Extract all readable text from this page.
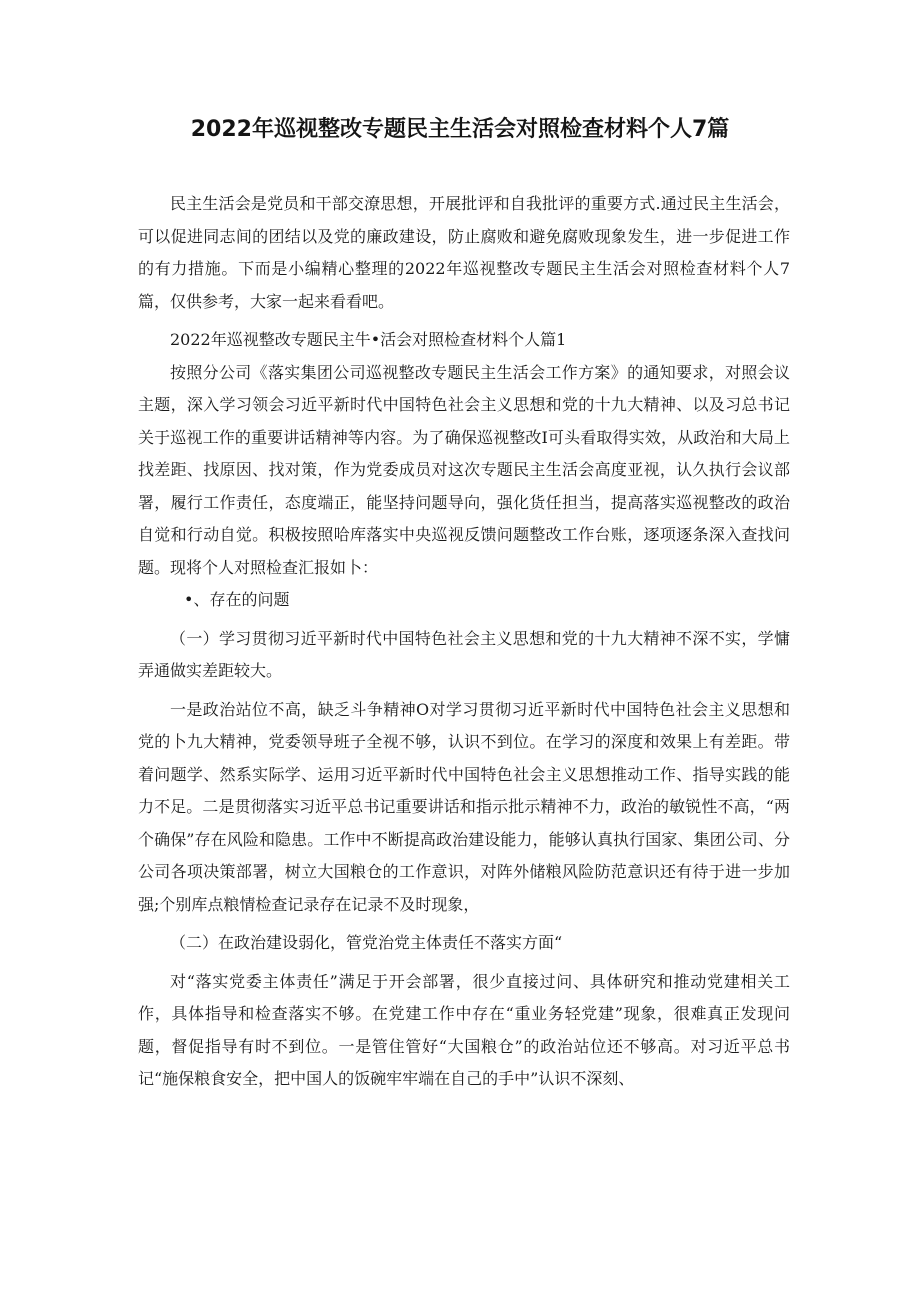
2022年巡视整改专题民主生活会对照检查材料个人7篇

民主生活会是党员和干部交潦思想，开展批评和自我批评的重要方式.通过民主生活会，可以促进同志间的团结以及党的廉政建设，防止腐败和避免腐败现象发生，进一步促进工作的有力措施。下而是小编精心整理的2022年巡视整改专题民主生活会对照检查材料个人7篇，仅供参考，大家一起来看看吧。

2022年巡视整改专题民主牛•活会对照检查材料个人篇1

按照分公司《落实集团公司巡视整改专题民主生活会工作方案》的通知要求，对照会议主题，深入学习领会习近平新时代中国特色社会主义思想和党的十九大精神、以及习总书记关于巡视工作的重要讲话精神等内容。为了确保巡视整改I可头看取得实效，从政治和大局上找差距、找原因、找对策，作为党委成员对这次专题民主生活会高度亚视，认久执行会议部署，履行工作责任，态度端正，能坚持问题导向，强化货任担当，提高落实巡视整改的政治自觉和行动自觉。积极按照哈库落实中央巡视反馈问题整改工作台账，逐项逐条深入查找问题。现将个人对照检查汇报如卜：

•、存在的问题

（一）学习贯彻习近平新时代中国特色社会主义思想和党的十九大精神不深不实，学慵弄通做实差距较大。

一是政治站位不高，缺乏斗争精神O对学习贯彻习近平新时代中国特色社会主义思想和党的卜九大精神，党委领导班子全视不够，认识不到位。在学习的深度和效果上有差距。带着问题学、然系实际学、运用习近平新时代中国特色社会主义思想推动工作、指导实践的能力不足。二是贯彻落实习近平总书记重要讲话和指示批示精神不力，政治的敏锐性不高，“两个确保”存在风险和隐患。工作中不断提高政治建设能力，能够认真执行国家、集团公司、分公司各项决策部署，树立大国粮仓的工作意识，对阵外储粮风险防范意识还有待于进一步加强;个别库点粮情检查记录存在记录不及时现象，

（二）在政治建设弱化，管党治党主体责任不落实方面“

对“落实党委主体责任”满足于开会部署，很少直接过问、具体研究和推动党建相关工作，具体指导和检查落实不够。在党建工作中存在“重业务轻党建”现象，很难真正发现问题，督促指导有时不到位。一是管住管好“大国粮仓”的政治站位还不够高。对习近平总书记“施保粮食安全，把中国人的饭碗牢牢端在自己的手中”认识不深刻、
